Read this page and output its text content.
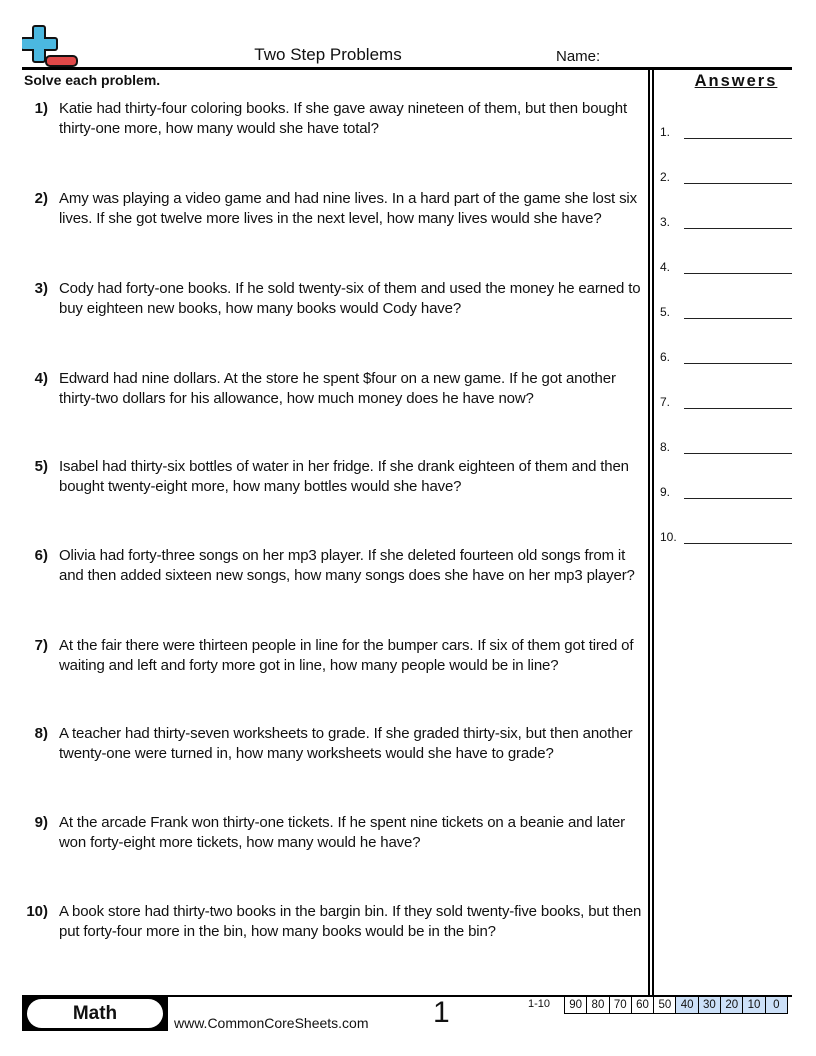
Two Step Problems	Name:
Solve each problem.	Answers
1.
2.
3.
4.
5.
6.
7.
8.
9.
10.
1) Katie had thirty-four coloring books. If she gave away nineteen of them, but then bought thirty-one more, how many would she have total?
2) Amy was playing a video game and had nine lives. In a hard part of the game she lost six lives. If she got twelve more lives in the next level, how many lives would she have?
3) Cody had forty-one books. If he sold twenty-six of them and used the money he earned to buy eighteen new books, how many books would Cody have?
4) Edward had nine dollars. At the store he spent $four on a new game. If he got another thirty-two dollars for his allowance, how much money does he have now?
5) Isabel had thirty-six bottles of water in her fridge. If she drank eighteen of them and then bought twenty-eight more, how many bottles would she have?
6) Olivia had forty-three songs on her mp3 player. If she deleted fourteen old songs from it and then added sixteen new songs, how many songs does she have on her mp3 player?
7) At the fair there were thirteen people in line for the bumper cars. If six of them got tired of waiting and left and forty more got in line, how many people would be in line?
8) A teacher had thirty-seven worksheets to grade. If she graded thirty-six, but then another twenty-one were turned in, how many worksheets would she have to grade?
9) At the arcade Frank won thirty-one tickets. If he spent nine tickets on a beanie and later won forty-eight more tickets, how many would he have?
10) A book store had thirty-two books in the bargin bin. If they sold twenty-five books, but then put forty-four more in the bin, how many books would be in the bin?
Math	www.CommonCoreSheets.com 1	1-10	90 80 70 60 50 40 30 20 10	0
